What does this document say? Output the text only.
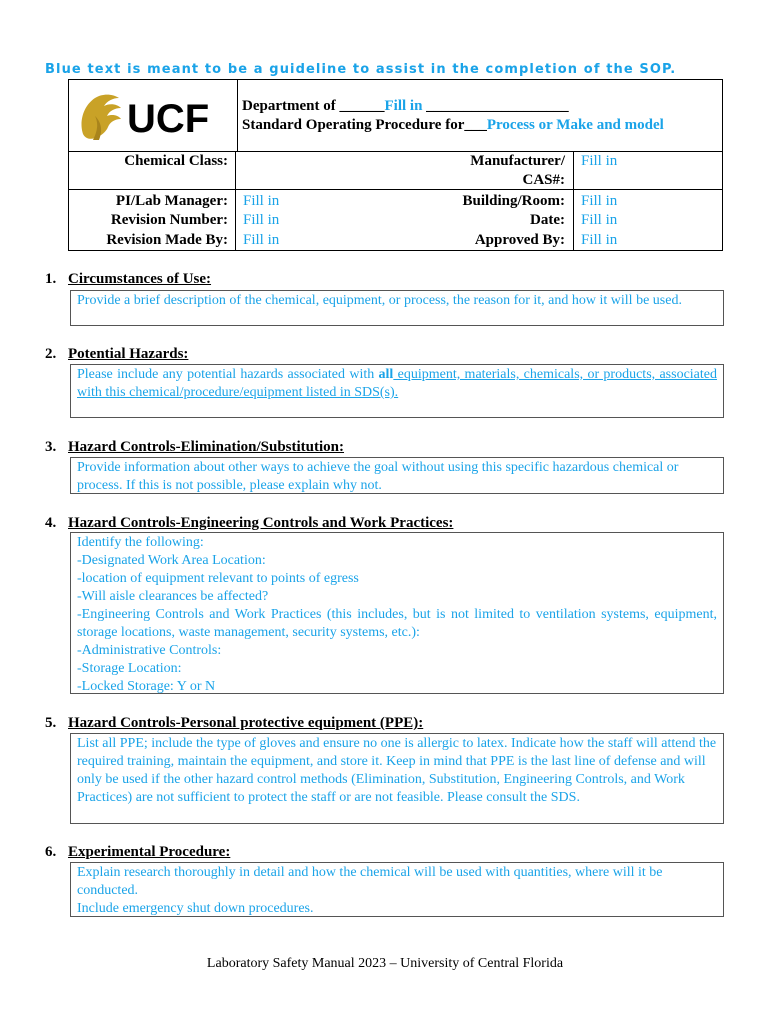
Blue text is meant to be a guideline to assist in the completion of the SOP.
UCF Department of ______Fill in ___________________
Standard Operating Procedure for___Process or Make and model
Chemical Class:
PI/Lab Manager: Fill in
Revision Number: Fill in
Revision Made By: Fill in
Manufacturer/
CAS#:
Fill in
Building/Room: Fill in
Date: Fill in
Approved By: Fill in
1. Circumstances of Use:

Provide a brief description of the chemical, equipment, or process, the reason for it, and how it will be used.

2. Potential Hazards:

Please include any potential hazards associated with all equipment, materials, chemicals, or products, associated with this chemical/procedure/equipment listed in SDS(s).

3. Hazard Controls-Elimination/Substitution:

Provide information about other ways to achieve the goal without using this specific hazardous chemical or process. If this is not possible, please explain why not.

4. Hazard Controls-Engineering Controls and Work Practices:

Identify the following:

-Designated Work Area Location:

-location of equipment relevant to points of egress

-Will aisle clearances be affected?

-Engineering Controls and Work Practices (this includes, but is not limited to ventilation systems, equipment, storage locations, waste management, security systems, etc.):

-Administrative Controls:

-Storage Location:

-Locked Storage: Y or N

5. Hazard Controls-Personal protective equipment (PPE):

List all PPE; include the type of gloves and ensure no one is allergic to latex. Indicate how the staff will attend the required training, maintain the equipment, and store it. Keep in mind that PPE is the last line of defense and will only be used if the other hazard control methods (Elimination, Substitution, Engineering Controls, and Work Practices) are not sufficient to protect the staff or are not feasible. Please consult the SDS.

6. Experimental Procedure:

Explain research thoroughly in detail and how the chemical will be used with quantities, where will it be conducted.

Include emergency shut down procedures.

Laboratory Safety Manual 2023 – University of Central Florida
